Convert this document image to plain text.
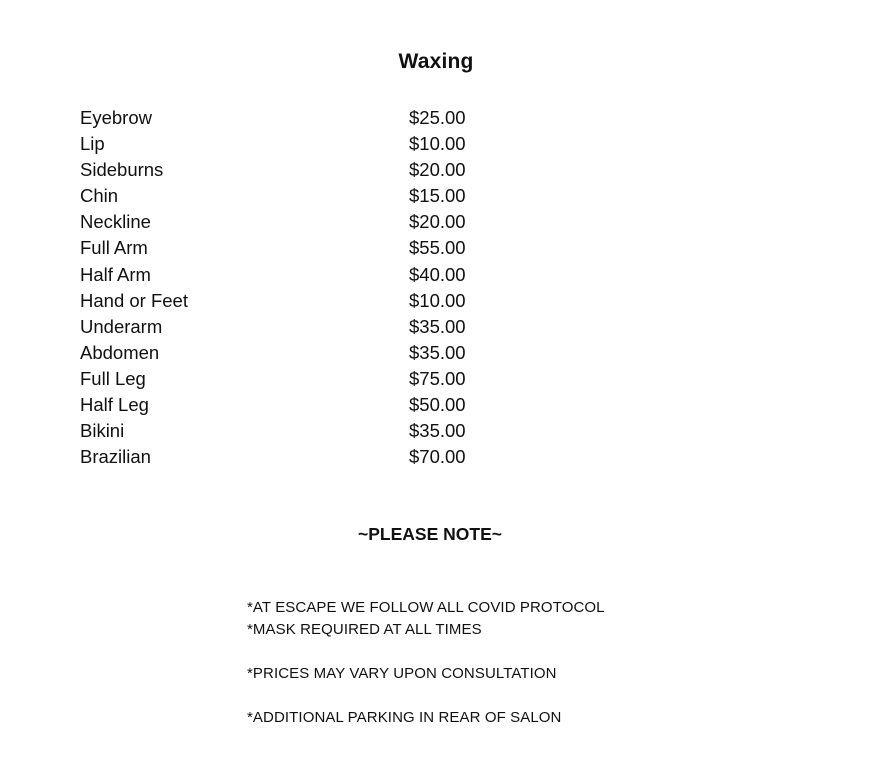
Waxing
Eyebrow	$25.00
Lip	$10.00
Sideburns	$20.00
Chin	$15.00
Neckline	$20.00
Full Arm	$55.00
Half Arm	$40.00
Hand or Feet	$10.00
Underarm	$35.00
Abdomen	$35.00
Full Leg	$75.00
Half Leg	$50.00
Bikini	$35.00
Brazilian	$70.00
~PLEASE NOTE~
*AT ESCAPE WE FOLLOW ALL COVID PROTOCOL
*MASK REQUIRED AT ALL TIMES
*PRICES MAY VARY UPON CONSULTATION
*ADDITIONAL PARKING IN REAR OF SALON
